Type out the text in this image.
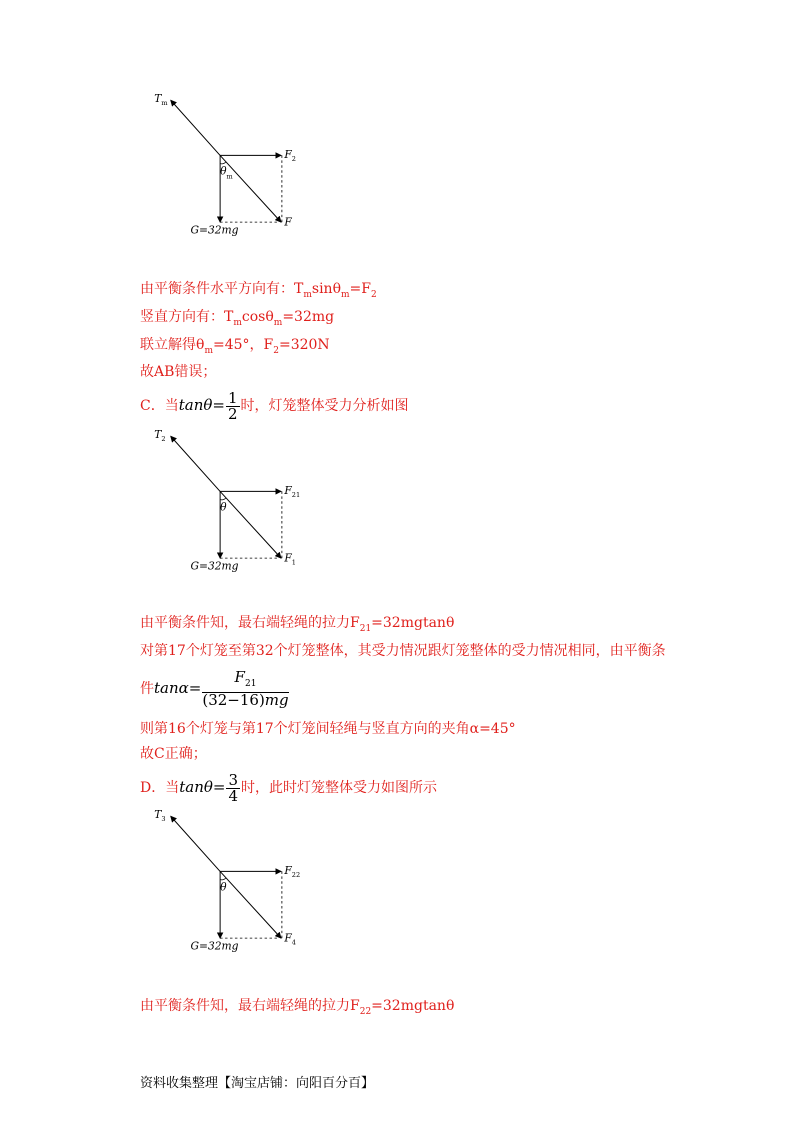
$T_m$
$F_2$
$\theta_m$
G=32mg
F
由平衡条件水平方向有：$T_m\sin\theta_m=F_2$
竖直方向有：$T_m\cos\theta_m=32mg$
联立解得$\theta_m=45^\circ$，$F_2=320N$
故AB错误；
C．当$\tan\theta= \frac{1}{2}$ 时，灯笼整体受力分析如图
$T_2$
$F_{21}$
θ
G=32mg
$F_1$
由平衡条件知，最右端轻绳的拉力$F_{21}=32mgtan\theta$
对第17个灯笼至第32个灯笼整体，其受力情况跟灯笼整体的受力情况相同，由平衡条
件$\tan\alpha= \frac{F_{21}}{(32-16)mg}$
则第16个灯笼与第17个灯笼间轻绳与竖直方向的夹角α=45°
故C正确；
D．当$\tan\theta= \frac{3}{4}$ 时，此时灯笼整体受力如图所示
$T_3$
$F_{22}$
θ
G=32mg
$F_4$
由平衡条件知，最右端轻绳的拉力$F_{22}=32mgtan\theta$
资料收集整理【淘宝店铺：向阳百分百】
